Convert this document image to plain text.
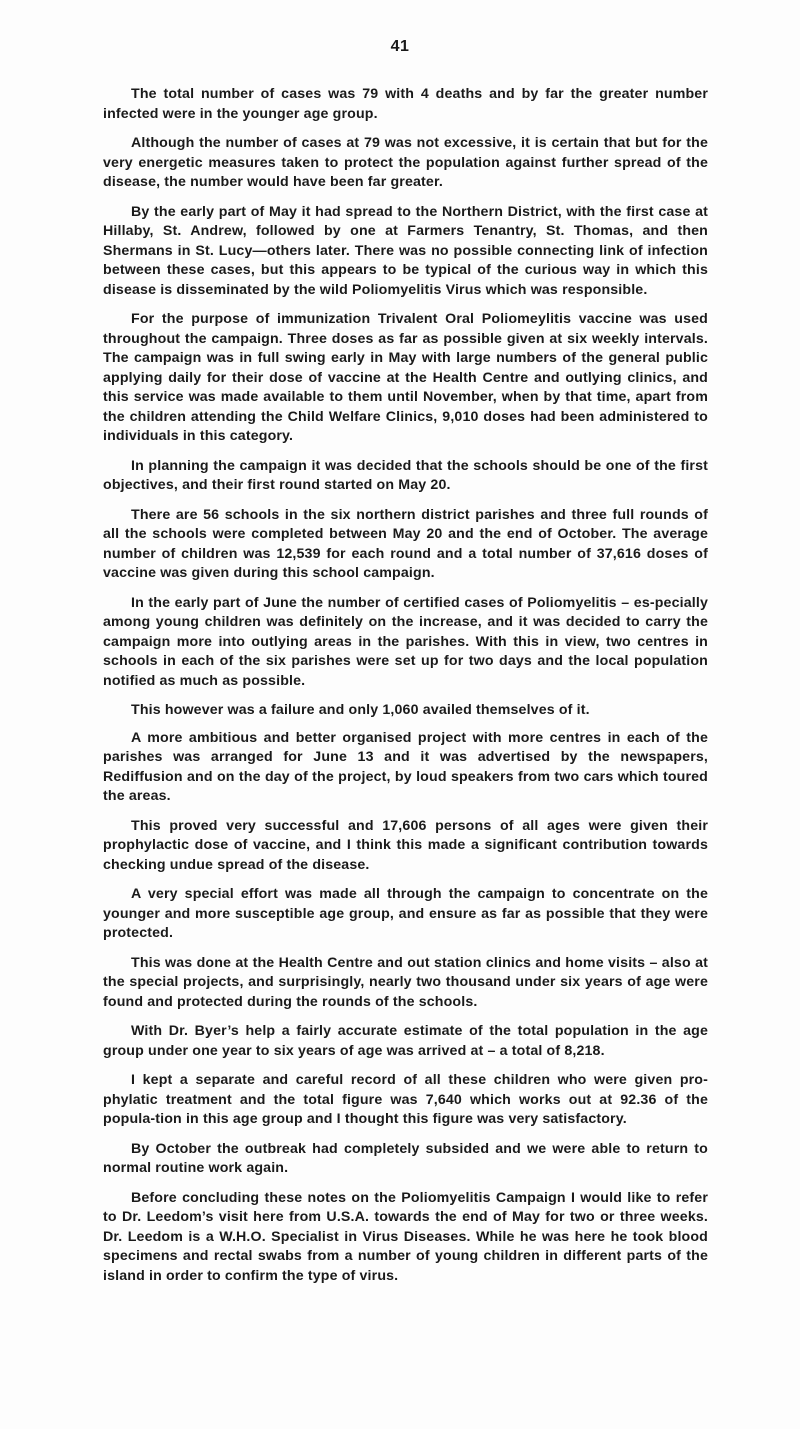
41

The total number of cases was 79 with 4 deaths and by far the greater number infected were in the younger age group.

Although the number of cases at 79 was not excessive, it is certain that but for the very energetic measures taken to protect the population against further spread of the disease, the number would have been far greater.

By the early part of May it had spread to the Northern District, with the first case at Hillaby, St. Andrew, followed by one at Farmers Tenantry, St. Thomas, and then Shermans in St. Lucy—others later. There was no possible connecting link of infection between these cases, but this appears to be typical of the curious way in which this disease is disseminated by the wild Poliomyelitis Virus which was responsible.

For the purpose of immunization Trivalent Oral Poliomeylitis vaccine was used throughout the campaign. Three doses as far as possible given at six weekly intervals. The campaign was in full swing early in May with large numbers of the general public applying daily for their dose of vaccine at the Health Centre and outlying clinics, and this service was made available to them until November, when by that time, apart from the children attending the Child Welfare Clinics, 9,010 doses had been administered to individuals in this category.

In planning the campaign it was decided that the schools should be one of the first objectives, and their first round started on May 20.

There are 56 schools in the six northern district parishes and three full rounds of all the schools were completed between May 20 and the end of October. The average number of children was 12,539 for each round and a total number of 37,616 doses of vaccine was given during this school campaign.

In the early part of June the number of certified cases of Poliomyelitis – es-pecially among young children was definitely on the increase, and it was decided to carry the campaign more into outlying areas in the parishes. With this in view, two centres in schools in each of the six parishes were set up for two days and the local population notified as much as possible.

This however was a failure and only 1,060 availed themselves of it.

A more ambitious and better organised project with more centres in each of the parishes was arranged for June 13 and it was advertised by the newspapers, Rediffusion and on the day of the project, by loud speakers from two cars which toured the areas.

This proved very successful and 17,606 persons of all ages were given their prophylactic dose of vaccine, and I think this made a significant contribution towards checking undue spread of the disease.

A very special effort was made all through the campaign to concentrate on the younger and more susceptible age group, and ensure as far as possible that they were protected.

This was done at the Health Centre and out station clinics and home visits – also at the special projects, and surprisingly, nearly two thousand under six years of age were found and protected during the rounds of the schools.

With Dr. Byer’s help a fairly accurate estimate of the total population in the age group under one year to six years of age was arrived at – a total of 8,218.

I kept a separate and careful record of all these children who were given pro-phylatic treatment and the total figure was 7,640 which works out at 92.36 of the popula-tion in this age group and I thought this figure was very satisfactory.

By October the outbreak had completely subsided and we were able to return to normal routine work again.

Before concluding these notes on the Poliomyelitis Campaign I would like to refer to Dr. Leedom’s visit here from U.S.A. towards the end of May for two or three weeks. Dr. Leedom is a W.H.O. Specialist in Virus Diseases. While he was here he took blood specimens and rectal swabs from a number of young children in different parts of the island in order to confirm the type of virus.
